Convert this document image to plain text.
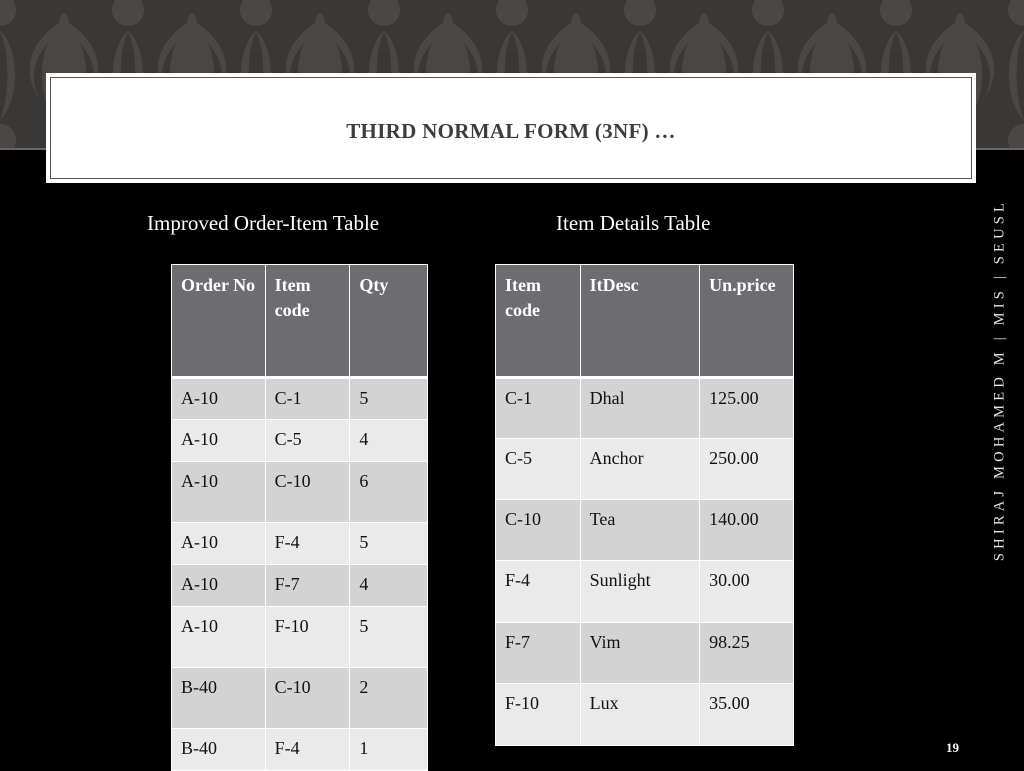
THIRD NORMAL FORM (3NF) …
Improved Order-Item Table	Item Details Table
Order No	Item code	Qty
A-10	C-1	5
A-10	C-5	4
A-10	C-10	6
A-10	F-4	5
A-10	F-7	4
A-10	F-10	5
B-40	C-10	2
B-40	F-4	1
Item code	ItDesc	Un.price
C-1	Dhal	125.00
C-5	Anchor	250.00
C-10	Tea	140.00
F-4	Sunlight	30.00
F-7	Vim	98.25
F-10	Lux	35.00
SHIRAJ MOHAMED M | MIS | SEUSL
19
